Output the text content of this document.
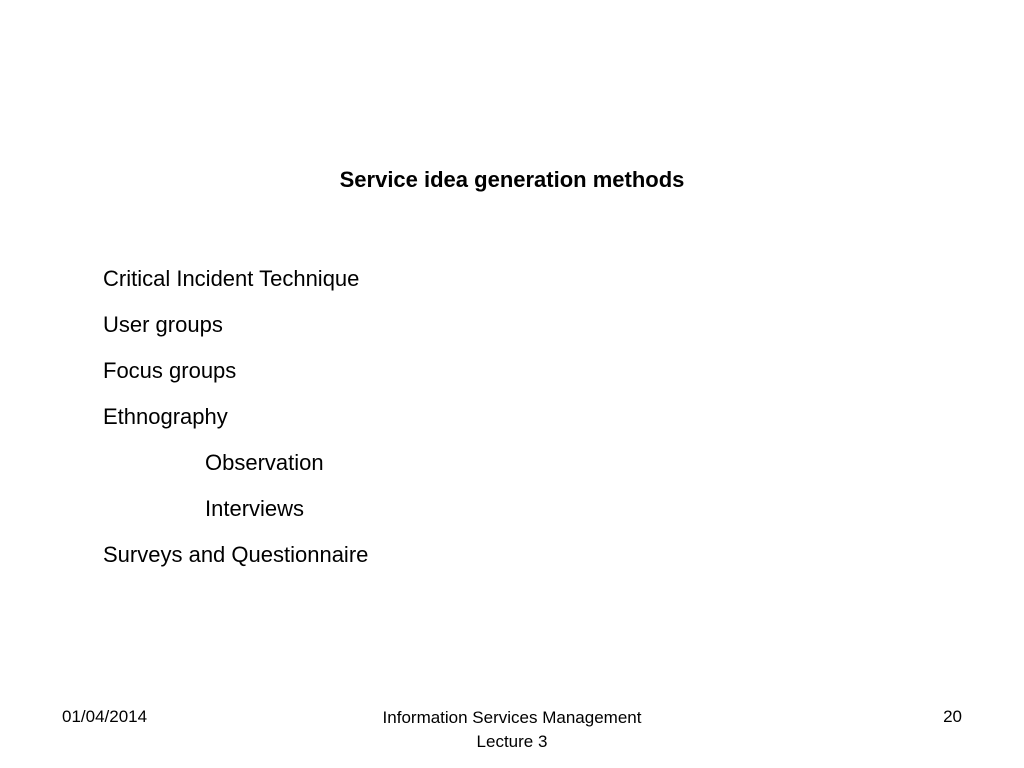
Service idea generation methods
Critical Incident Technique
User groups
Focus groups
Ethnography
Observation
Interviews
Surveys and Questionnaire
01/04/2014	Information Services Management
Lecture 3
20
